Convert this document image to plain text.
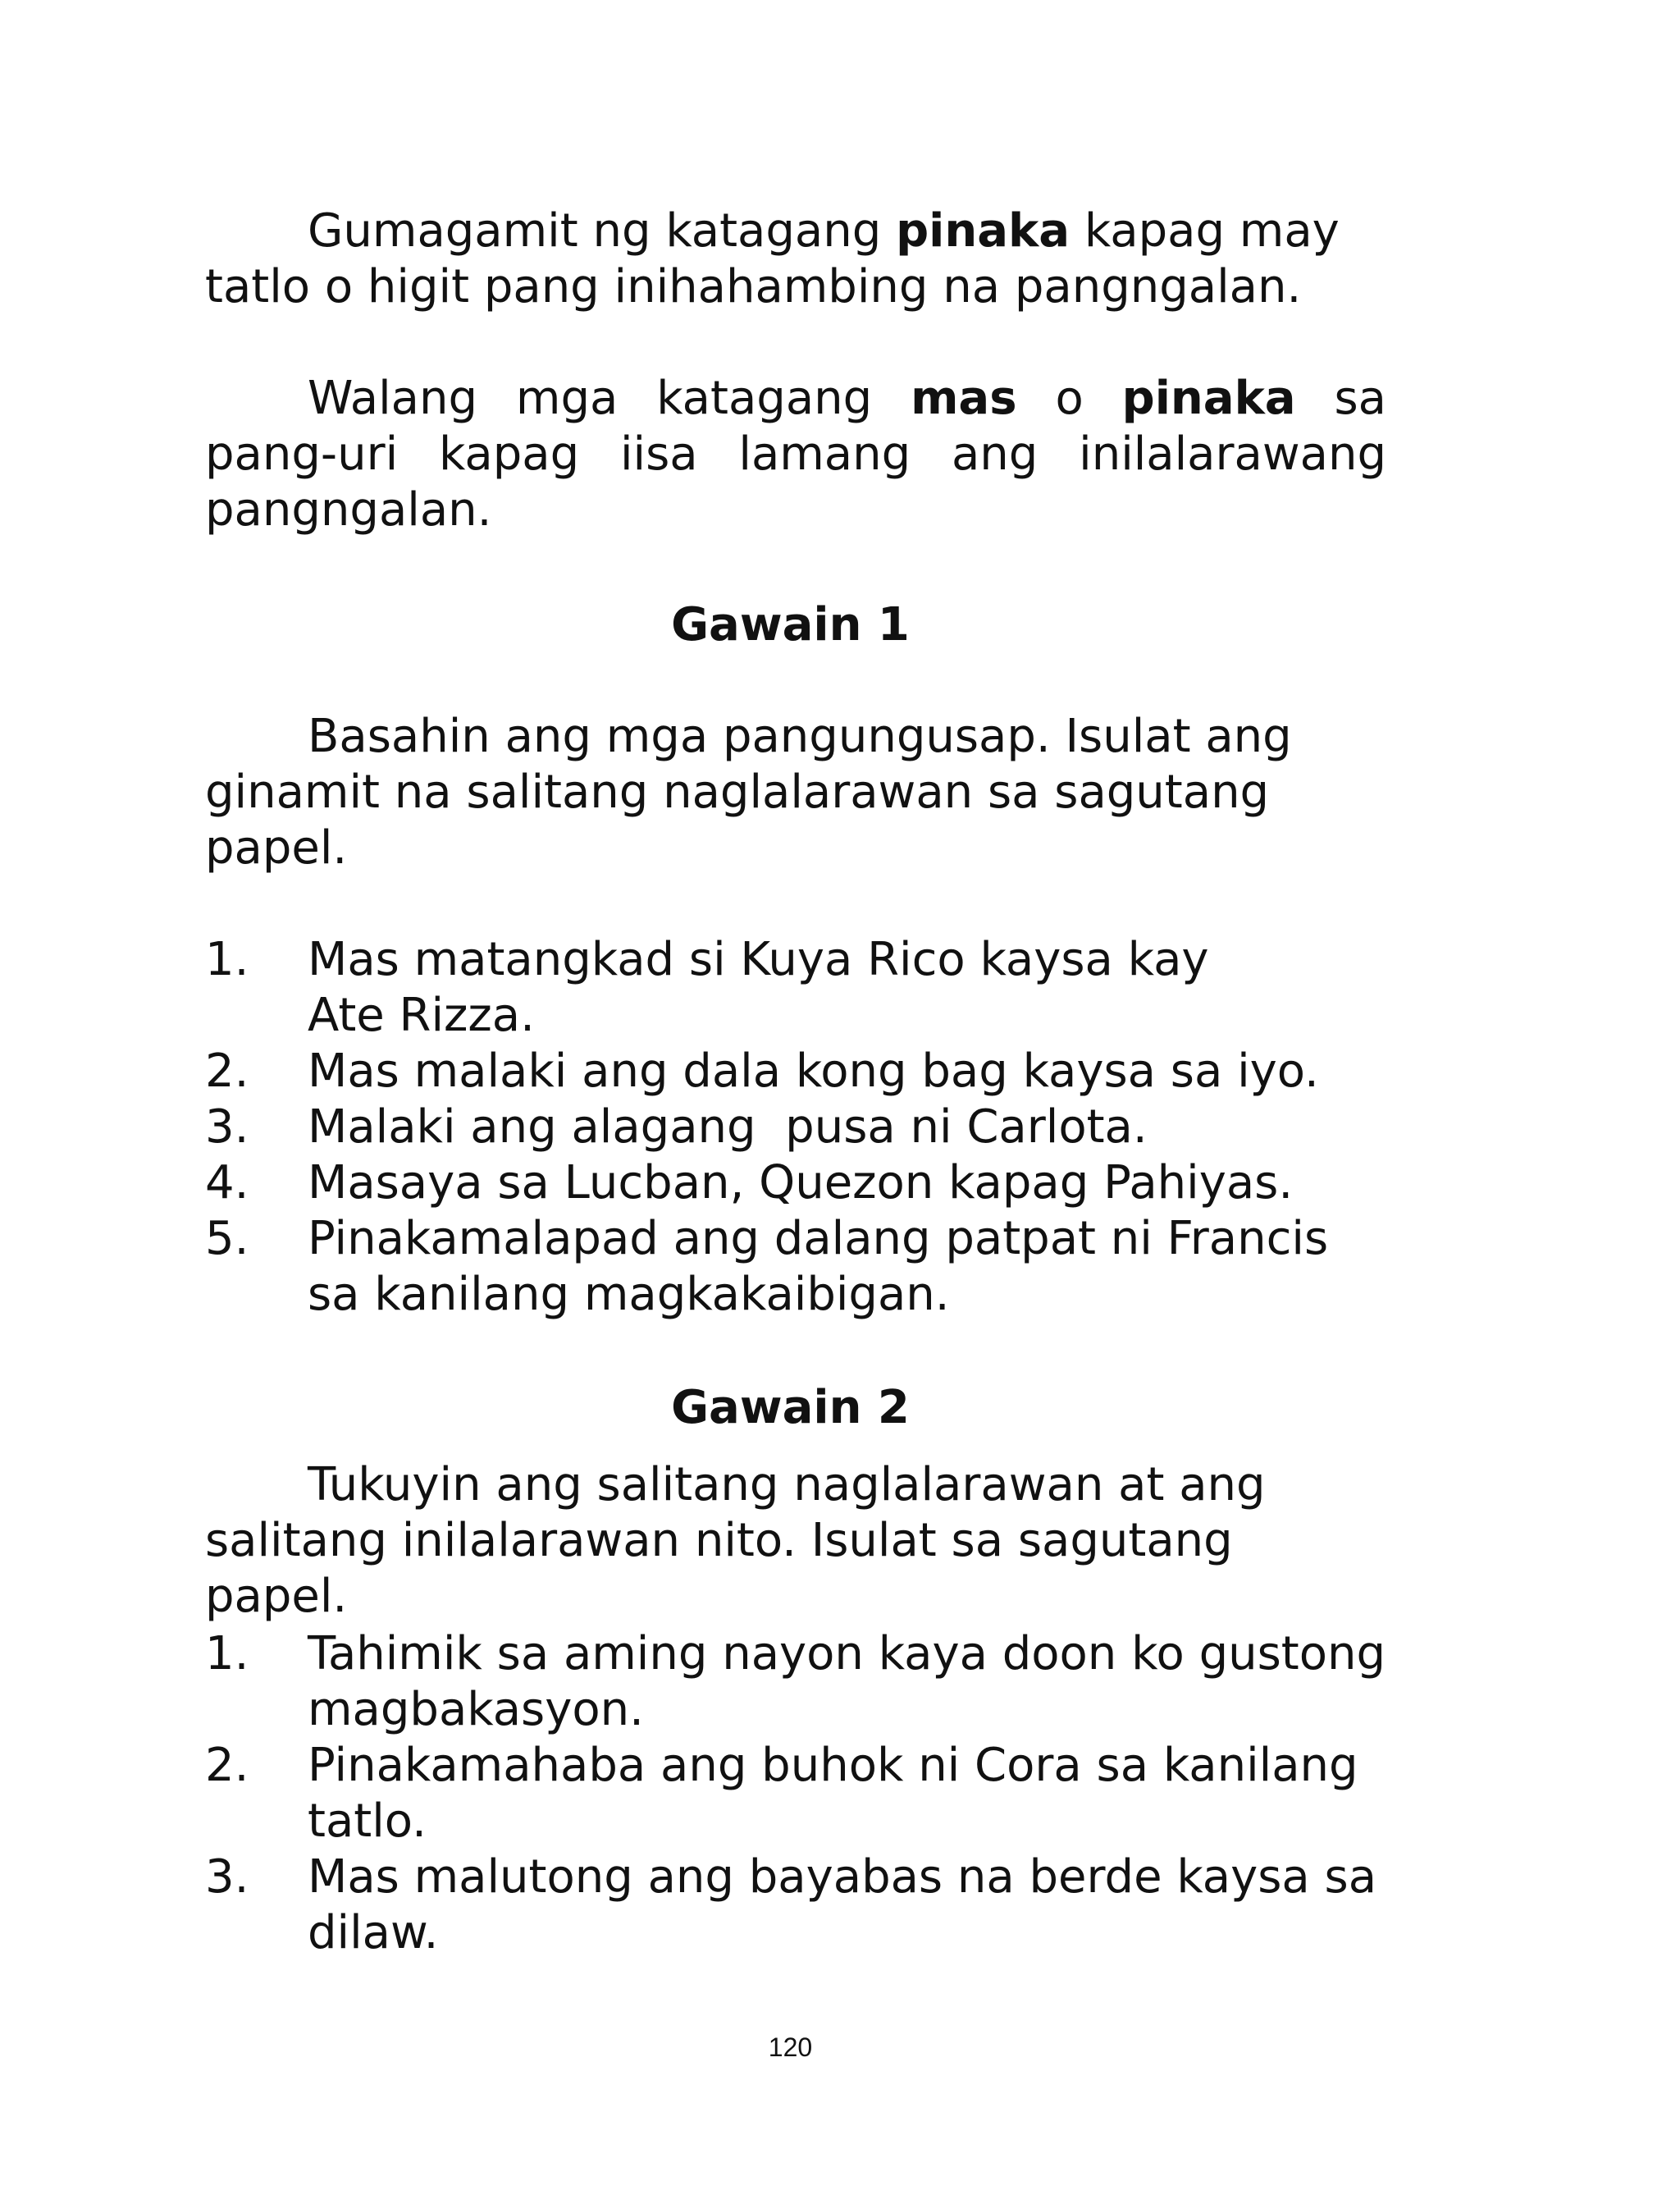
Gumagamit ng katagang pinaka kapag may tatlo o higit pang inihahambing na pangngalan.

Walang mga katagang mas o pinaka sa pang-uri kapag iisa lamang ang inilalarawang pangngalan.

Gawain 1

Basahin ang mga pangungusap. Isulat ang ginamit na salitang naglalarawan sa sagutang papel.

1. Mas matangkad si Kuya Rico kaysa kay Ate Rizza.
2. Mas malaki ang dala kong bag kaysa sa iyo.
3. Malaki ang alagang  pusa ni Carlota.
4. Masaya sa Lucban, Quezon kapag Pahiyas.
5. Pinakamalapad ang dalang patpat ni Francis sa kanilang magkakaibigan.
Gawain 2

Tukuyin ang salitang naglalarawan at ang salitang inilalarawan nito. Isulat sa sagutang papel.

1. Tahimik sa aming nayon kaya doon ko gustong magbakasyon.
2. Pinakamahaba ang buhok ni Cora sa kanilang tatlo.
3. Mas malutong ang bayabas na berde kaysa sa dilaw.
120
